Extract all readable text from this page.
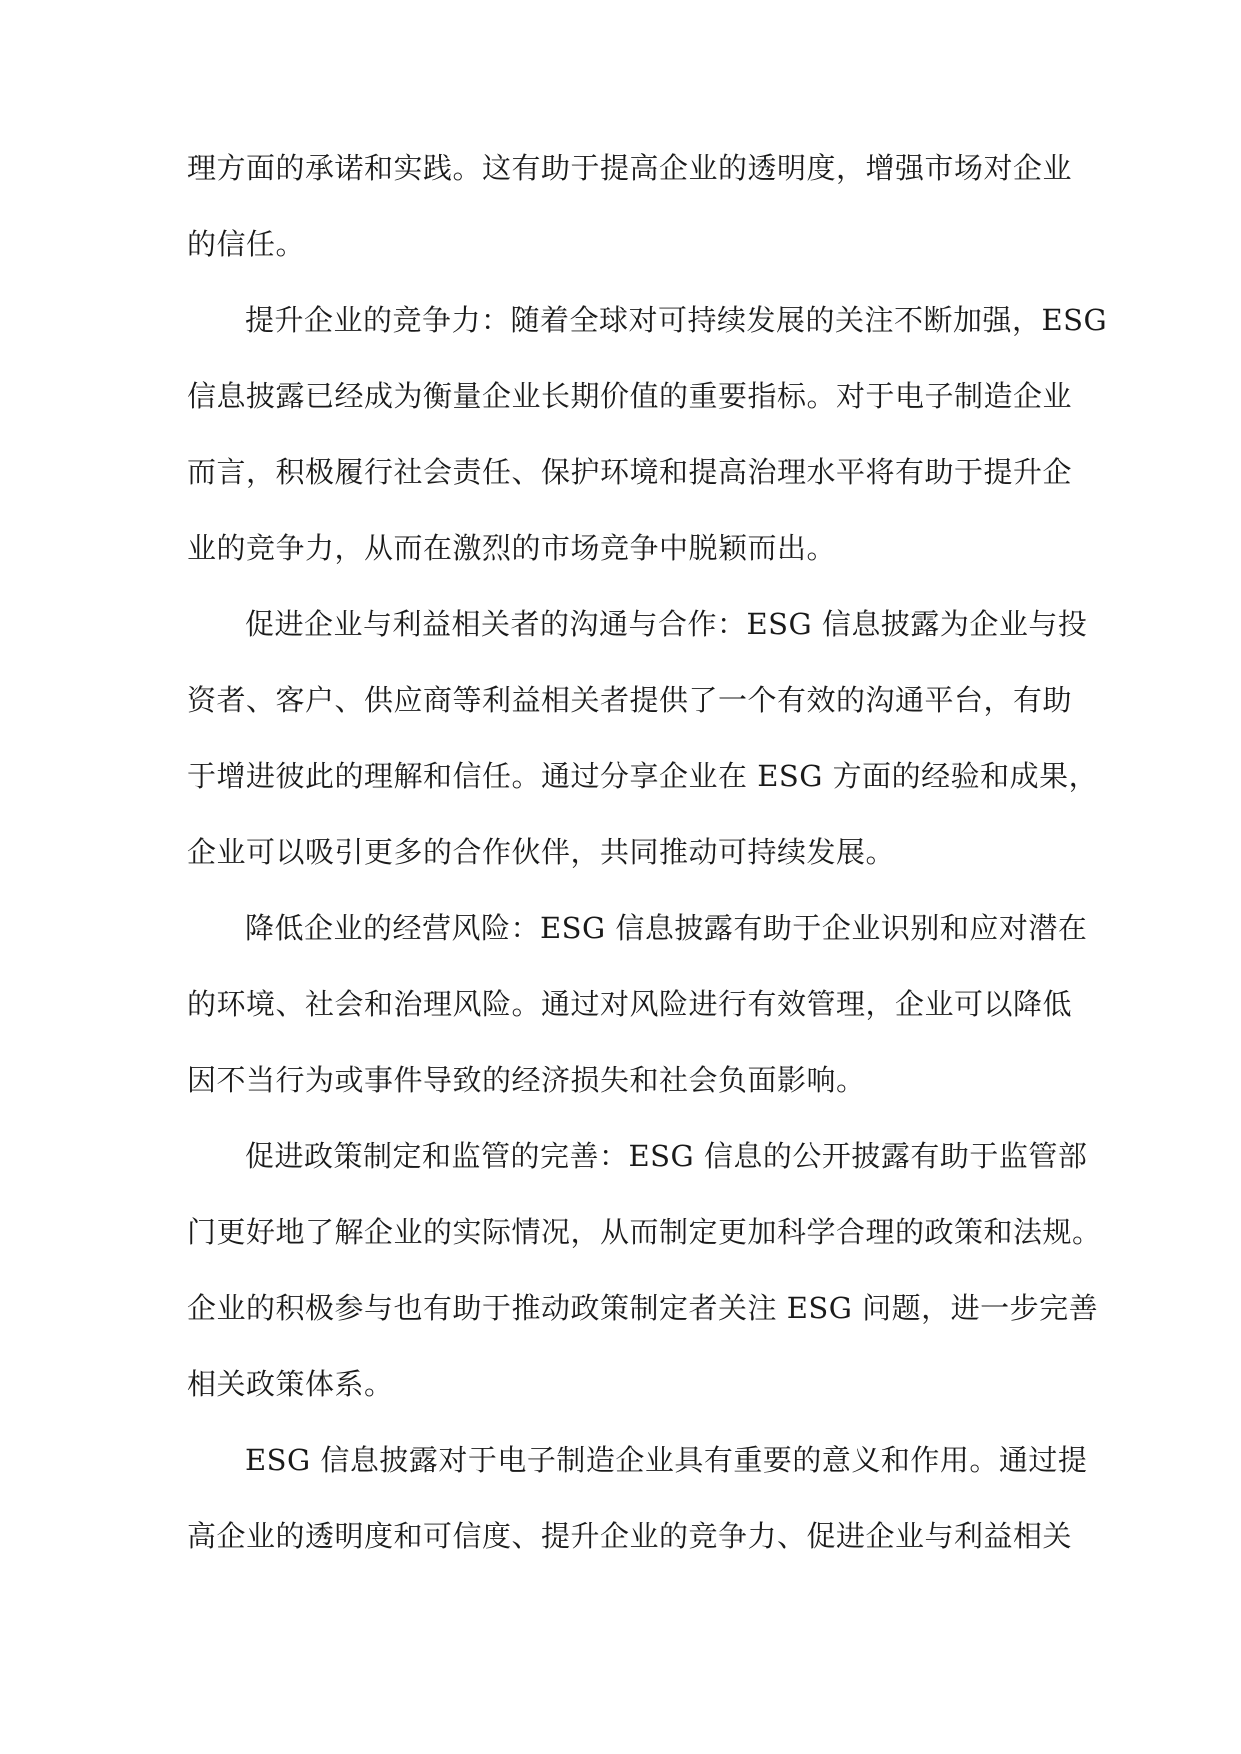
理方面的承诺和实践。这有助于提高企业的透明度，增强市场对企业
的信任。
提升企业的竞争力：随着全球对可持续发展的关注不断加强，ESG
信息披露已经成为衡量企业长期价值的重要指标。对于电子制造企业
而言，积极履行社会责任、保护环境和提高治理水平将有助于提升企
业的竞争力，从而在激烈的市场竞争中脱颖而出。
促进企业与利益相关者的沟通与合作：ESG 信息披露为企业与投
资者、客户、供应商等利益相关者提供了一个有效的沟通平台，有助
于增进彼此的理解和信任。通过分享企业在 ESG 方面的经验和成果，
企业可以吸引更多的合作伙伴，共同推动可持续发展。
降低企业的经营风险：ESG 信息披露有助于企业识别和应对潜在
的环境、社会和治理风险。通过对风险进行有效管理，企业可以降低
因不当行为或事件导致的经济损失和社会负面影响。
促进政策制定和监管的完善：ESG 信息的公开披露有助于监管部
门更好地了解企业的实际情况，从而制定更加科学合理的政策和法规。
企业的积极参与也有助于推动政策制定者关注 ESG 问题，进一步完善
相关政策体系。
ESG 信息披露对于电子制造企业具有重要的意义和作用。通过提
高企业的透明度和可信度、提升企业的竞争力、促进企业与利益相关
